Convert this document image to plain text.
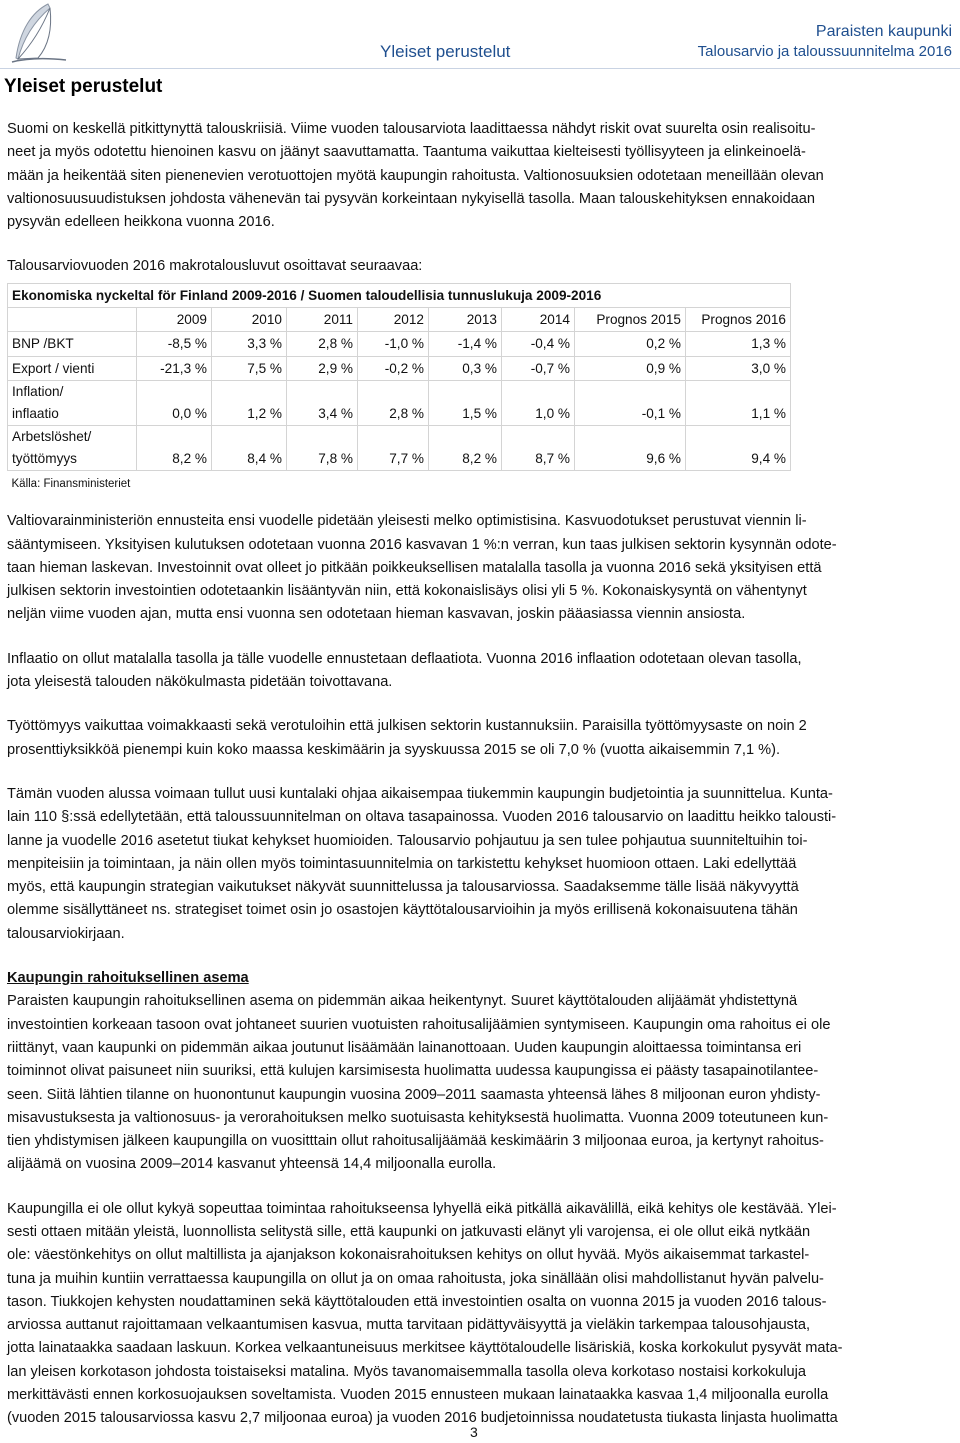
Yleiset perustelut
Paraisten kaupunki
Talousarvio ja taloussuunnitelma 2016
Yleiset perustelut

Suomi on keskellä pitkittynyttä talouskriisiä. Viime vuoden talousarviota laadittaessa nähdyt riskit ovat suurelta osin realisoitu-
neet ja myös odotettu hienoinen kasvu on jäänyt saavuttamatta. Taantuma vaikuttaa kielteisesti työllisyyteen ja elinkeinoelä-
mään ja heikentää siten pienenevien verotuottojen myötä kaupungin rahoitusta. Valtionosuuksien odotetaan meneillään olevan
valtionosuusuudistuksen johdosta vähenevän tai pysyvän korkeintaan nykyisellä tasolla. Maan talouskehityksen ennakoidaan
pysyvän edelleen heikkona vuonna 2016.

Talousarviovuoden 2016 makrotalousluvut osoittavat seuraavaa:

Ekonomiska nyckeltal för Finland 2009-2016 / Suomen taloudellisia tunnuslukuja 2009-2016								
	2009	2010	2011	2012	2013	2014	Prognos 2015	Prognos 2016
BNP /BKT	-8,5 %	3,3 %	2,8 %	-1,0 %	-1,4 %	-0,4 %	0,2 %	1,3 %
Export / vienti	-21,3 %	7,5 %	2,9 %	-0,2 %	0,3 %	-0,7 %	0,9 %	3,0 %
Inflation/
inflaatio	0,0 %	1,2 %	3,4 %	2,8 %	1,5 %	1,0 %	-0,1 %	1,1 %
Arbetslöshet/
työttömyys	8,2 %	8,4 %	7,8 %	7,7 %	8,2 %	8,7 %	9,6 %	9,4 %
Källa: Finansministeriet								

Valtiovarainministeriön ennusteita ensi vuodelle pidetään yleisesti melko optimistisina. Kasvuodotukset perustuvat viennin li-
sääntymiseen. Yksityisen kulutuksen odotetaan vuonna 2016 kasvavan 1 %:n verran, kun taas julkisen sektorin kysynnän odote-
taan hieman laskevan. Investoinnit ovat olleet jo pitkään poikkeuksellisen matalalla tasolla ja vuonna 2016 sekä yksityisen että
julkisen sektorin investointien odotetaankin lisääntyvän niin, että kokonaislisäys olisi yli 5 %. Kokonaiskysyntä on vähentynyt
neljän viime vuoden ajan, mutta ensi vuonna sen odotetaan hieman kasvavan, joskin pääasiassa viennin ansiosta.

Inflaatio on ollut matalalla tasolla ja tälle vuodelle ennustetaan deflaatiota. Vuonna 2016 inflaation odotetaan olevan tasolla,
jota yleisestä talouden näkökulmasta pidetään toivottavana.

Työttömyys vaikuttaa voimakkaasti sekä verotuloihin että julkisen sektorin kustannuksiin. Paraisilla työttömyysaste on noin 2
prosenttiyksikköä pienempi kuin koko maassa keskimäärin ja syyskuussa 2015 se oli 7,0 % (vuotta aikaisemmin 7,1 %).

Tämän vuoden alussa voimaan tullut uusi kuntalaki ohjaa aikaisempaa tiukemmin kaupungin budjetointia ja suunnittelua. Kunta-
lain 110 §:ssä edellytetään, että taloussuunnitelman on oltava tasapainossa. Vuoden 2016 talousarvio on laadittu heikko talousti-
lanne ja vuodelle 2016 asetetut tiukat kehykset huomioiden. Talousarvio pohjautuu ja sen tulee pohjautua suunniteltuihin toi-
menpiteisiin ja toimintaan, ja näin ollen myös toimintasuunnitelmia on tarkistettu kehykset huomioon ottaen. Laki edellyttää
myös, että kaupungin strategian vaikutukset näkyvät suunnittelussa ja talousarviossa. Saadaksemme tälle lisää näkyvyyttä
olemme sisällyttäneet ns. strategiset toimet osin jo osastojen käyttötalousarvioihin ja myös erillisenä kokonaisuutena tähän
talousarviokirjaan.

Kaupungin rahoituksellinen asema

Paraisten kaupungin rahoituksellinen asema on pidemmän aikaa heikentynyt. Suuret käyttötalouden alijäämät yhdistettynä
investointien korkeaan tasoon ovat johtaneet suurien vuotuisten rahoitusalijäämien syntymiseen. Kaupungin oma rahoitus ei ole
riittänyt, vaan kaupunki on pidemmän aikaa joutunut lisäämään lainanottoaan. Uuden kaupungin aloittaessa toimintansa eri
toiminnot olivat paisuneet niin suuriksi, että kulujen karsimisesta huolimatta uudessa kaupungissa ei päästy tasapainotilantee-
seen. Siitä lähtien tilanne on huonontunut kaupungin vuosina 2009–2011 saamasta yhteensä lähes 8 miljoonan euron yhdisty-
misavustuksesta ja valtionosuus- ja verorahoituksen melko suotuisasta kehityksestä huolimatta. Vuonna 2009 toteutuneen kun-
tien yhdistymisen jälkeen kaupungilla on vuositttain ollut rahoitusalijäämää keskimäärin 3 miljoonaa euroa, ja kertynyt rahoitus-
alijäämä on vuosina 2009–2014 kasvanut yhteensä 14,4 miljoonalla eurolla.

Kaupungilla ei ole ollut kykyä sopeuttaa toimintaa rahoitukseensa lyhyellä eikä pitkällä aikavälillä, eikä kehitys ole kestävää. Ylei-
sesti ottaen mitään yleistä, luonnollista selitystä sille, että kaupunki on jatkuvasti elänyt yli varojensa, ei ole ollut eikä nytkään
ole: väestönkehitys on ollut maltillista ja ajanjakson kokonaisrahoituksen kehitys on ollut hyvää. Myös aikaisemmat tarkastel-
tuna ja muihin kuntiin verrattaessa kaupungilla on ollut ja on omaa rahoitusta, joka sinällään olisi mahdollistanut hyvän palvelu-
tason. Tiukkojen kehysten noudattaminen sekä käyttötalouden että investointien osalta on vuonna 2015 ja vuoden 2016 talous-
arviossa auttanut rajoittamaan velkaantumisen kasvua, mutta tarvitaan pidättyväisyyttä ja vieläkin tarkempaa talousohjausta,
jotta lainataakka saadaan laskuun. Korkea velkaantuneisuus merkitsee käyttötaloudelle lisäriskiä, koska korkokulut pysyvät mata-
lan yleisen korkotason johdosta toistaiseksi matalina. Myös tavanomaisemmalla tasolla oleva korkotaso nostaisi korkokuluja
merkittävästi ennen korkosuojauksen soveltamista. Vuoden 2015 ennusteen mukaan lainataakka kasvaa 1,4 miljoonalla eurolla
(vuoden 2015 talousarviossa kasvu 2,7 miljoonaa euroa) ja vuoden 2016 budjetoinnissa noudatetusta tiukasta linjasta huolimatta

3
